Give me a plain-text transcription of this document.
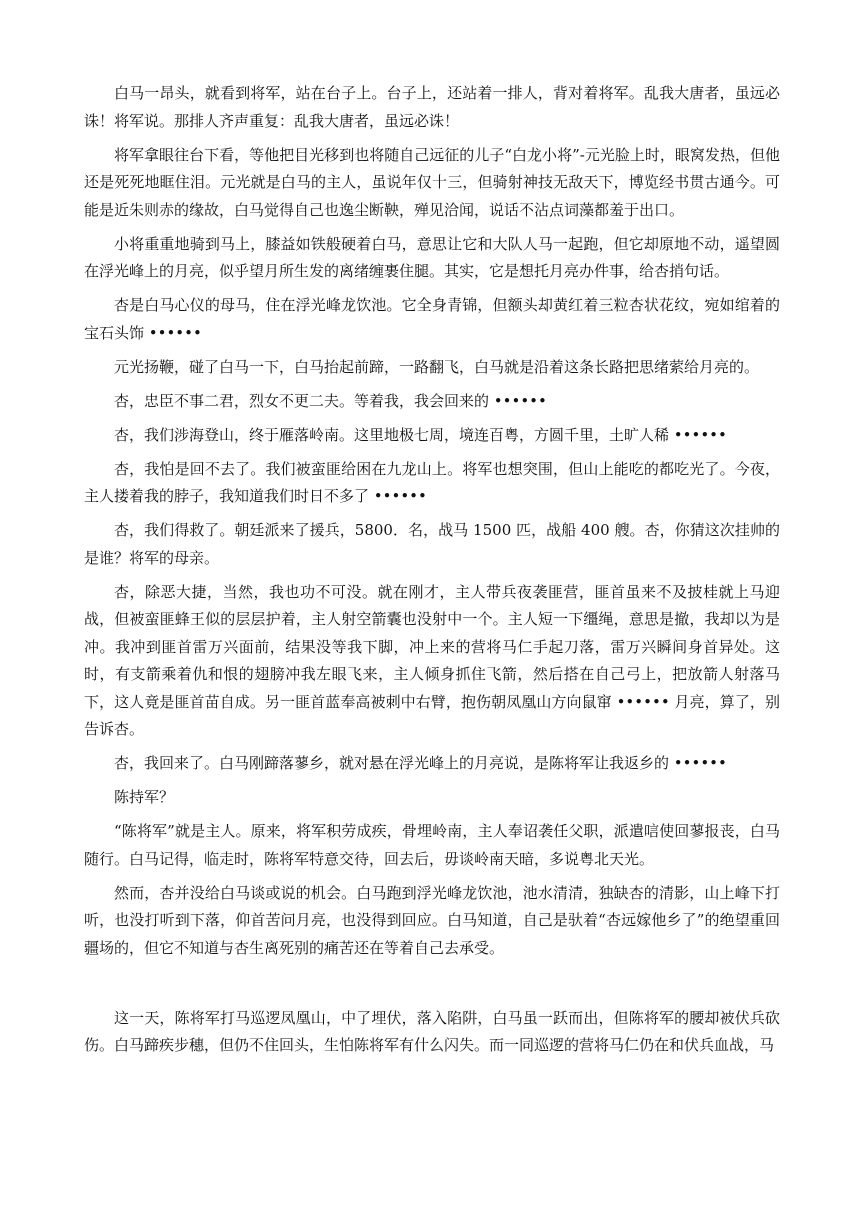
白马一昂头，就看到将军，站在台子上。台子上，还站着一排人，背对着将军。乱我大唐者，虽远必诛！将军说。那排人齐声重复：乱我大唐者，虽远必诛！

将军拿眼往台下看，等他把目光移到也将随自己远征的儿子“白龙小将”-元光脸上时，眼窝发热，但他还是死死地眶住泪。元光就是白马的主人，虽说年仅十三，但骑射神技无敌天下，博览经书贯古通今。可能是近朱则赤的缘故，白马觉得自己也逸尘断鞅，殚见洽闻，说话不沾点词藻都羞于出口。

小将重重地骑到马上，膝益如铁般硬着白马，意思让它和大队人马一起跑，但它却原地不动，遥望圆在浮光峰上的月亮，似乎望月所生发的离绪缠裹住腿。其实，它是想托月亮办件事，给杏捎句话。

杏是白马心仪的母马，住在浮光峰龙饮池。它全身青锦，但额头却黄红着三粒杏状花纹，宛如绾着的宝石头饰 ••••••

元光扬鞭，碰了白马一下，白马抬起前蹄，一路翻飞，白马就是沿着这条长路把思绪萦给月亮的。

杏，忠臣不事二君，烈女不更二夫。等着我，我会回来的 ••••••

杏，我们涉海登山，终于雁落岭南。这里地极七周，境连百粤，方圆千里，土旷人稀 ••••••

杏，我怕是回不去了。我们被蛮匪给困在九龙山上。将军也想突围，但山上能吃的都吃光了。今夜，主人搂着我的脖子，我知道我们时日不多了 ••••••

杏，我们得救了。朝廷派来了援兵，5800．名，战马 1500 匹，战船 400 艘。杏，你猜这次挂帅的是谁？将军的母亲。

杏，除恶大捷，当然，我也功不可没。就在刚才，主人带兵夜袭匪营，匪首虽来不及披桂就上马迎战，但被蛮匪蜂王似的层层护着，主人射空箭囊也没射中一个。主人短一下缰绳，意思是撤，我却以为是冲。我冲到匪首雷万兴面前，结果没等我下脚，冲上来的营将马仁手起刀落，雷万兴瞬间身首异处。这时，有支箭乘着仇和恨的翅膀冲我左眼飞来，主人倾身抓住飞箭，然后搭在自己弓上，把放箭人射落马下，这人竟是匪首苗自成。另一匪首蓝奉高被刺中右臂，抱伤朝凤凰山方向鼠窜 •••••• 月亮，算了，别告诉杏。

杏，我回来了。白马刚蹄落蓼乡，就对悬在浮光峰上的月亮说，是陈将军让我返乡的 ••••••

陈持军？

“陈将军”就是主人。原来，将军积劳成疾，骨埋岭南，主人奉诏袭任父职，派遣唁使回蓼报丧，白马随行。白马记得，临走时，陈将军特意交待，回去后，毋谈岭南天暗，多说粤北天光。

然而，杏并没给白马谈或说的机会。白马跑到浮光峰龙饮池，池水清清，独缺杏的清影，山上峰下打听，也没打听到下落，仰首苦问月亮，也没得到回应。白马知道，自己是驮着“杏远嫁他乡了”的绝望重回疆场的，但它不知道与杏生离死别的痛苦还在等着自己去承受。

这一天，陈将军打马巡逻凤凰山，中了埋伏，落入陷阱，白马虽一跃而出，但陈将军的腰却被伏兵砍伤。白马蹄疾步穗，但仍不住回头，生怕陈将军有什么闪失。而一同巡逻的营将马仁仍在和伏兵血战，马
